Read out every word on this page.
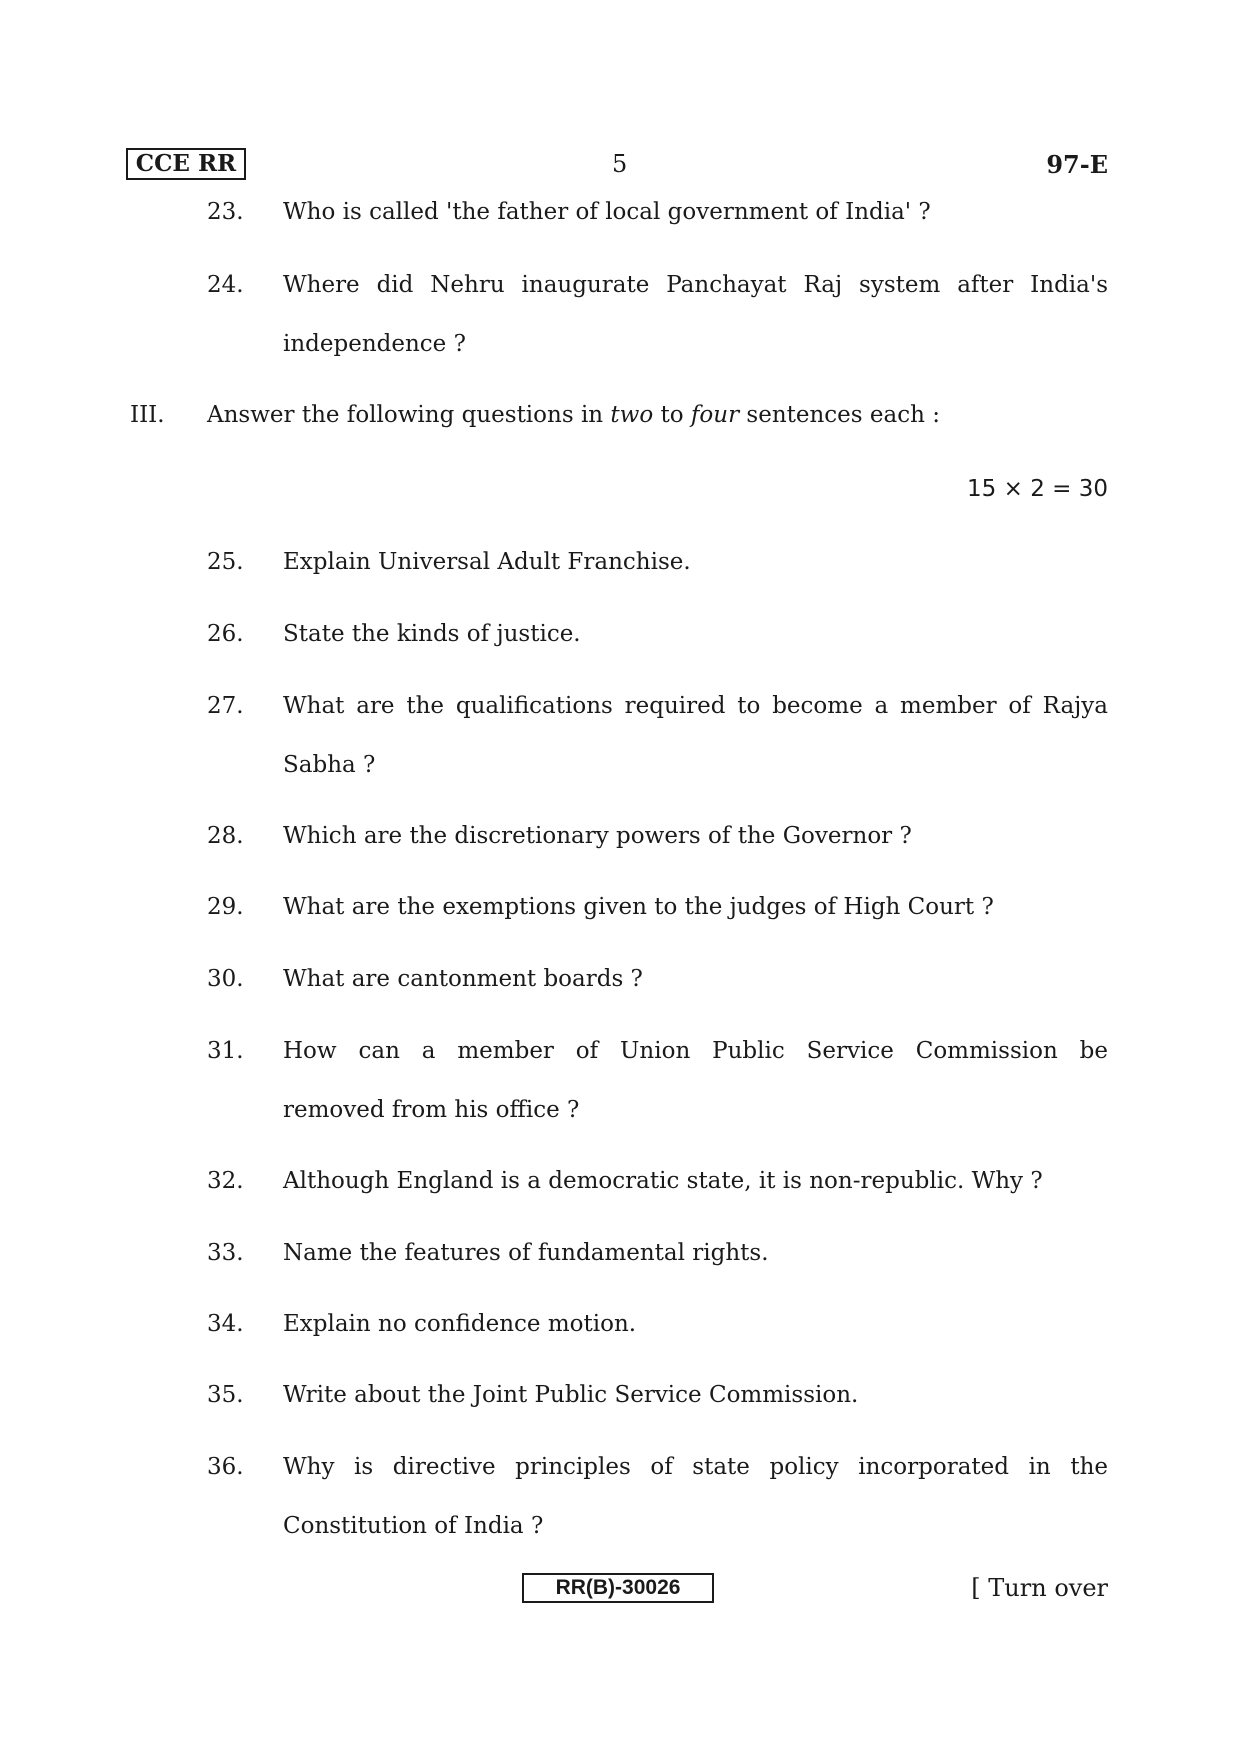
CCE RR	5	97-E
23.	Who is called 'the father of local government of India' ?
24.	Where did Nehru inaugurate Panchayat Raj system after India's
independence ?
III. Answer the following questions in two to four sentences each :
15 × 2 = 30
25.	Explain Universal Adult Franchise.
26.	State the kinds of justice.
27.	What are the qualifications required to become a member of Rajya
Sabha ?
28.	Which are the discretionary powers of the Governor ?
29.	What are the exemptions given to the judges of High Court ?
30.	What are cantonment boards ?
31.	How can a member of Union Public Service Commission be
removed from his office ?
32.	Although England is a democratic state, it is non-republic. Why ?
33.	Name the features of fundamental rights.
34.	Explain no confidence motion.
35.	Write about the Joint Public Service Commission.
36.	Why is directive principles of state policy incorporated in the
Constitution of India ?
RR(B)-30026	[ Turn over
